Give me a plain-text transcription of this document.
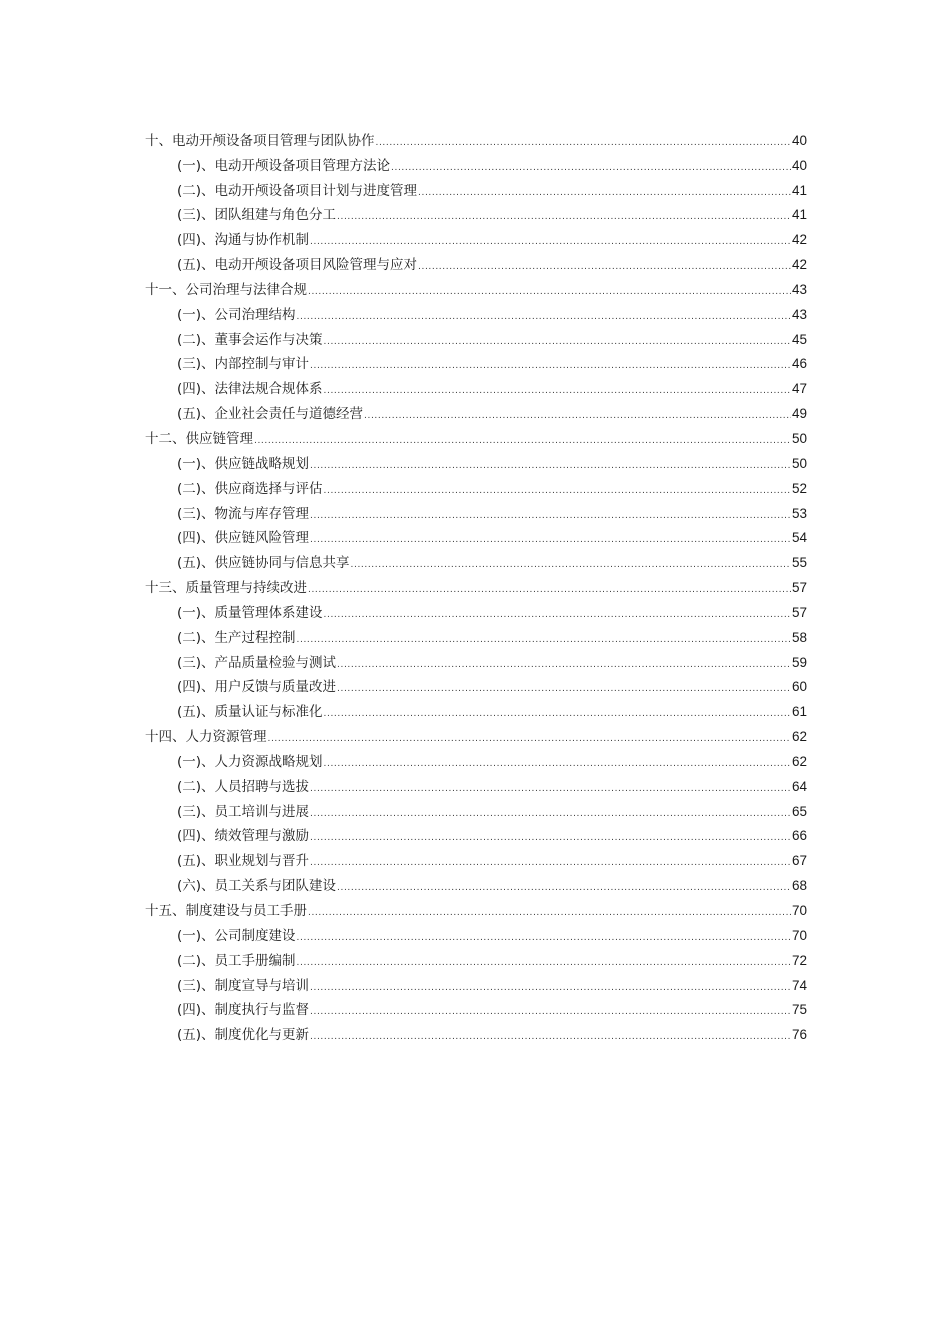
十、电动开颅设备项目管理与团队协作 .....	40
(一)、电动开颅设备项目管理方法论 .....	40
(二)、电动开颅设备项目计划与进度管理 .....	41
(三)、团队组建与角色分工 .....	41
(四)、沟通与协作机制 .....	42
(五)、电动开颅设备项目风险管理与应对 .....	42
十一、公司治理与法律合规 .....	43
(一)、公司治理结构 .....	43
(二)、董事会运作与决策 .....	45
(三)、内部控制与审计 .....	46
(四)、法律法规合规体系 .....	47
(五)、企业社会责任与道德经营 .....	49
十二、供应链管理 .....	50
(一)、供应链战略规划 .....	50
(二)、供应商选择与评估 .....	52
(三)、物流与库存管理 .....	53
(四)、供应链风险管理 .....	54
(五)、供应链协同与信息共享 .....	55
十三、质量管理与持续改进 .....	57
(一)、质量管理体系建设 .....	57
(二)、生产过程控制 .....	58
(三)、产品质量检验与测试 .....	59
(四)、用户反馈与质量改进 .....	60
(五)、质量认证与标准化 .....	61
十四、人力资源管理 .....	62
(一)、人力资源战略规划 .....	62
(二)、人员招聘与选拔 .....	64
(三)、员工培训与进展 .....	65
(四)、绩效管理与激励 .....	66
(五)、职业规划与晋升 .....	67
(六)、员工关系与团队建设 .....	68
十五、制度建设与员工手册 .....	70
(一)、公司制度建设 .....	70
(二)、员工手册编制 .....	72
(三)、制度宣导与培训 .....	74
(四)、制度执行与监督 .....	75
(五)、制度优化与更新 .....	76
